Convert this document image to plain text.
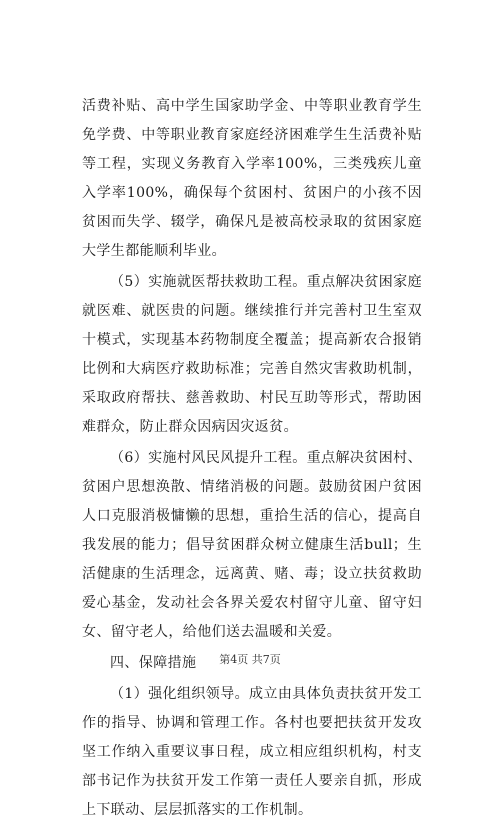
活费补贴、高中学生国家助学金、中等职业教育学生免学费、中等职业教育家庭经济困难学生生活费补贴等工程，实现义务教育入学率100%，三类残疾儿童入学率100%，确保每个贫困村、贫困户的小孩不因贫困而失学、辍学，确保凡是被高校录取的贫困家庭大学生都能顺利毕业。

（5）实施就医帮扶救助工程。重点解决贫困家庭就医难、就医贵的问题。继续推行并完善村卫生室双十模式，实现基本药物制度全覆盖；提高新农合报销比例和大病医疗救助标准；完善自然灾害救助机制，采取政府帮扶、慈善救助、村民互助等形式，帮助困难群众，防止群众因病因灾返贫。

（6）实施村风民风提升工程。重点解决贫困村、贫困户思想涣散、情绪消极的问题。鼓励贫困户贫困人口克服消极慵懒的思想，重拾生活的信心，提高自我发展的能力；倡导贫困群众树立健康生活bull；生活健康的生活理念，远离黄、赌、毒；设立扶贫救助爱心基金，发动社会各界关爱农村留守儿童、留守妇女、留守老人，给他们送去温暖和关爱。

四、保障措施

（1）强化组织领导。成立由具体负责扶贫开发工作的指导、协调和管理工作。各村也要把扶贫开发攻坚工作纳入重要议事日程，成立相应组织机构，村支部书记作为扶贫开发工作第一责任人要亲自抓，形成上下联动、层层抓落实的工作机制。

第4页 共7页
